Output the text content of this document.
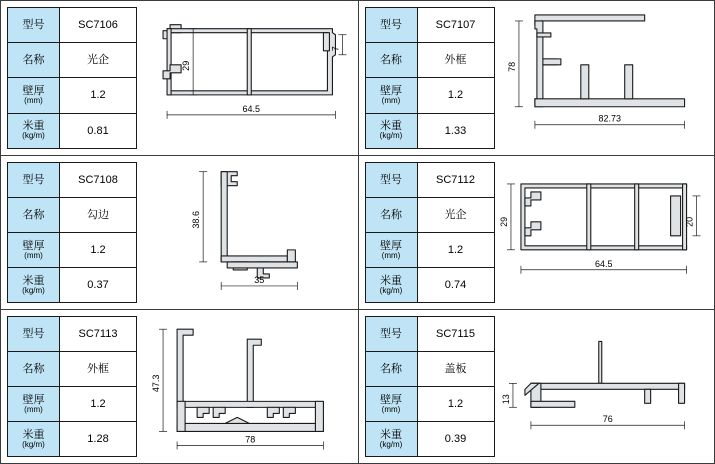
型号	SC7106
名称	光企
壁厚
(mm)	1.2
米重
(kg/m)	0.81
29
7
64.5
型号	SC7107
名称	外框
壁厚
(mm)	1.2
米重
(kg/m)	1.33
78
82.73
型号	SC7108
名称	勾边
壁厚
(mm)	1.2
米重
(kg/m)	0.37
38.6
35
型号	SC7112
名称	光企
壁厚
(mm)	1.2
米重
(kg/m)	0.74
29	20
64.5
型号	SC7113
名称	外框
壁厚
(mm)	1.2
米重
(kg/m)	1.28
47.3
78
型号	SC7115
名称	盖板
壁厚
(mm)	1.2
米重
(kg/m)	0.39
13
76
